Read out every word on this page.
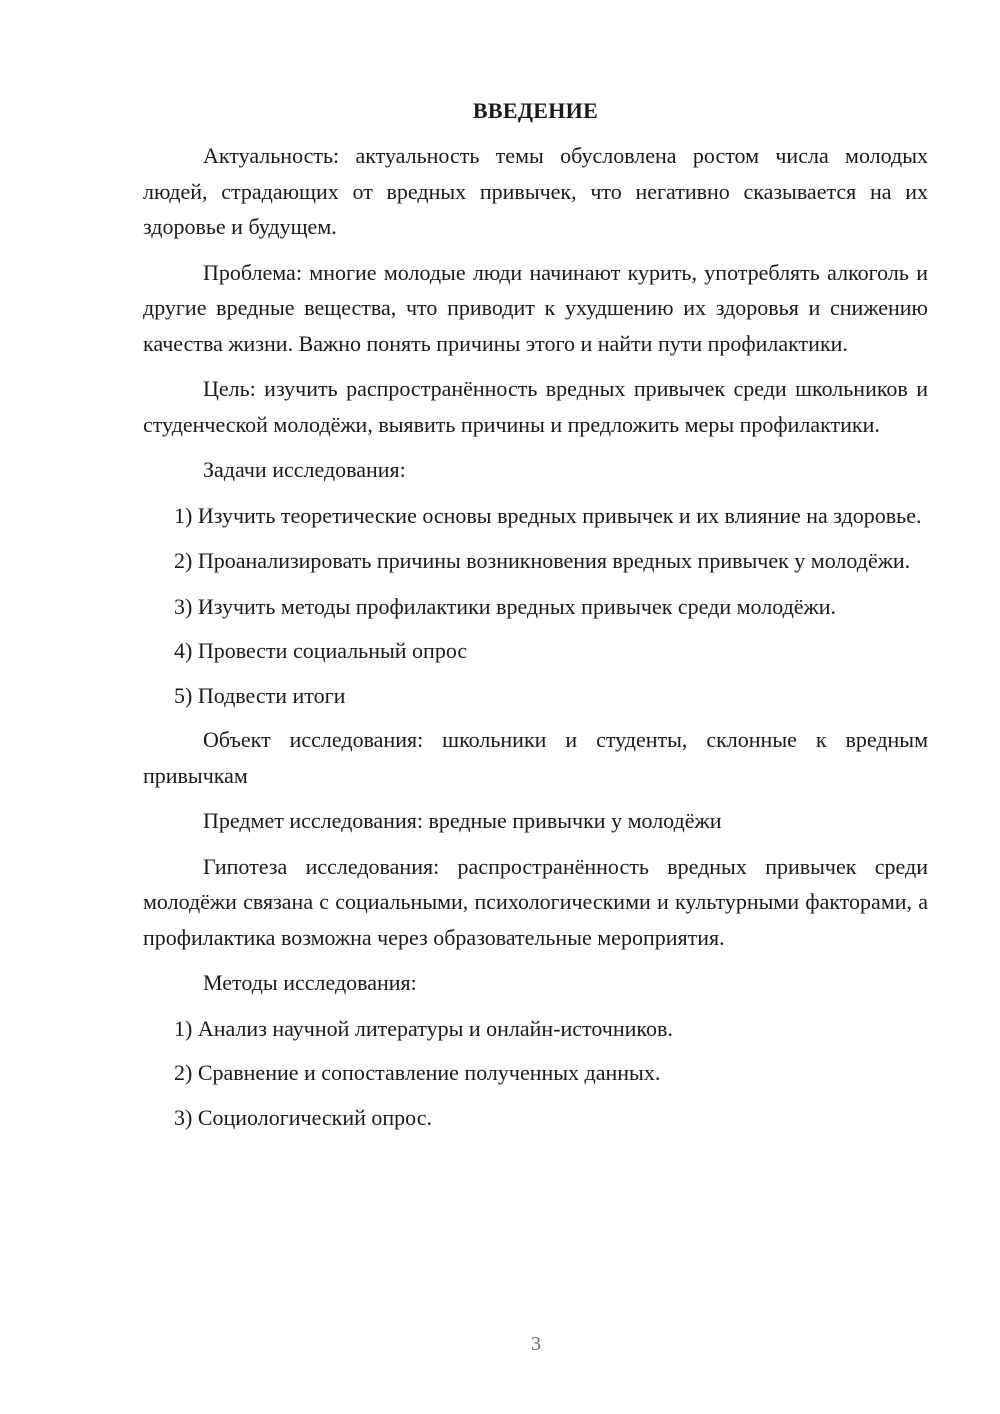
ВВЕДЕНИЕ

Актуальность: актуальность темы обусловлена ростом числа молодых людей, страдающих от вредных привычек, что негативно сказывается на их здоровье и будущем.

Проблема: многие молодые люди начинают курить, употреблять алкоголь и другие вредные вещества, что приводит к ухудшению их здоровья и снижению качества жизни. Важно понять причины этого и найти пути профилактики.

Цель: изучить распространённость вредных привычек среди школьников и студенческой молодёжи, выявить причины и предложить меры профилактики.

Задачи исследования:

1) Изучить теоретические основы вредных привычек и их влияние на здоровье.

2) Проанализировать причины возникновения вредных привычек у молодёжи.

3) Изучить методы профилактики вредных привычек среди молодёжи.

4) Провести социальный опрос

5) Подвести итоги

Объект исследования: школьники и студенты, склонные к вредным привычкам

Предмет исследования: вредные привычки у молодёжи

Гипотеза исследования: распространённость вредных привычек среди молодёжи связана с социальными, психологическими и культурными факторами, а профилактика возможна через образовательные мероприятия.

Методы исследования:

1) Анализ научной литературы и онлайн-источников.

2) Сравнение и сопоставление полученных данных.

3) Социологический опрос.

3
